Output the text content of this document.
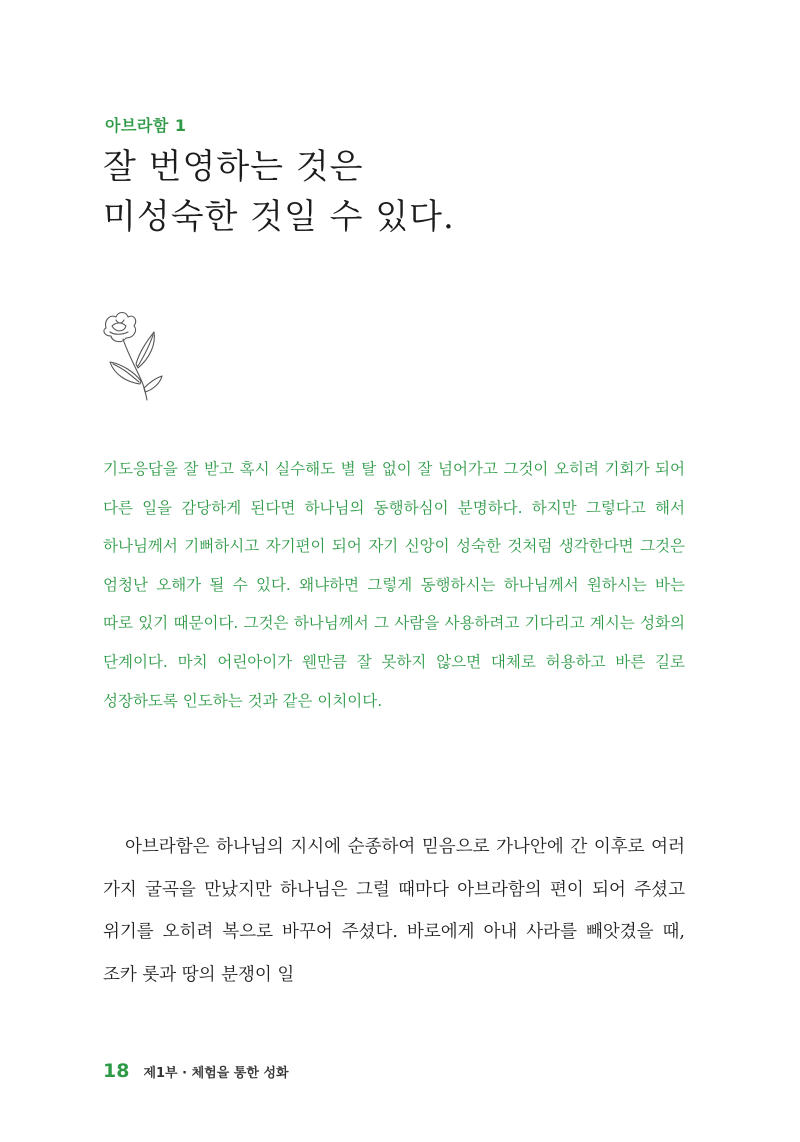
아브라함 1
잘 번영하는 것은
미성숙한 것일 수 있다.
기도응답을 잘 받고 혹시 실수해도 별 탈 없이 잘 넘어가고 그것이 오히려 기회가 되어 다른 일을 감당하게 된다면 하나님의 동행하심이 분명하다. 하지만 그렇다고 해서 하나님께서 기뻐하시고 자기편이 되어 자기 신앙이 성숙한 것처럼 생각한다면 그것은 엄청난 오해가 될 수 있다. 왜냐하면 그렇게 동행하시는 하나님께서 원하시는 바는 따로 있기 때문이다. 그것은 하나님께서 그 사람을 사용하려고 기다리고 계시는 성화의 단계이다. 마치 어린아이가 웬만큼 잘 못하지 않으면 대체로 허용하고 바른 길로 성장하도록 인도하는 것과 같은 이치이다.
아브라함은 하나님의 지시에 순종하여 믿음으로 가나안에 간 이후로 여러 가지 굴곡을 만났지만 하나님은 그럴 때마다 아브라함의 편이 되어 주셨고 위기를 오히려 복으로 바꾸어 주셨다. 바로에게 아내 사라를 빼앗겼을 때, 조카 롯과 땅의 분쟁이 일
18 제1부 · 체험을 통한 성화
